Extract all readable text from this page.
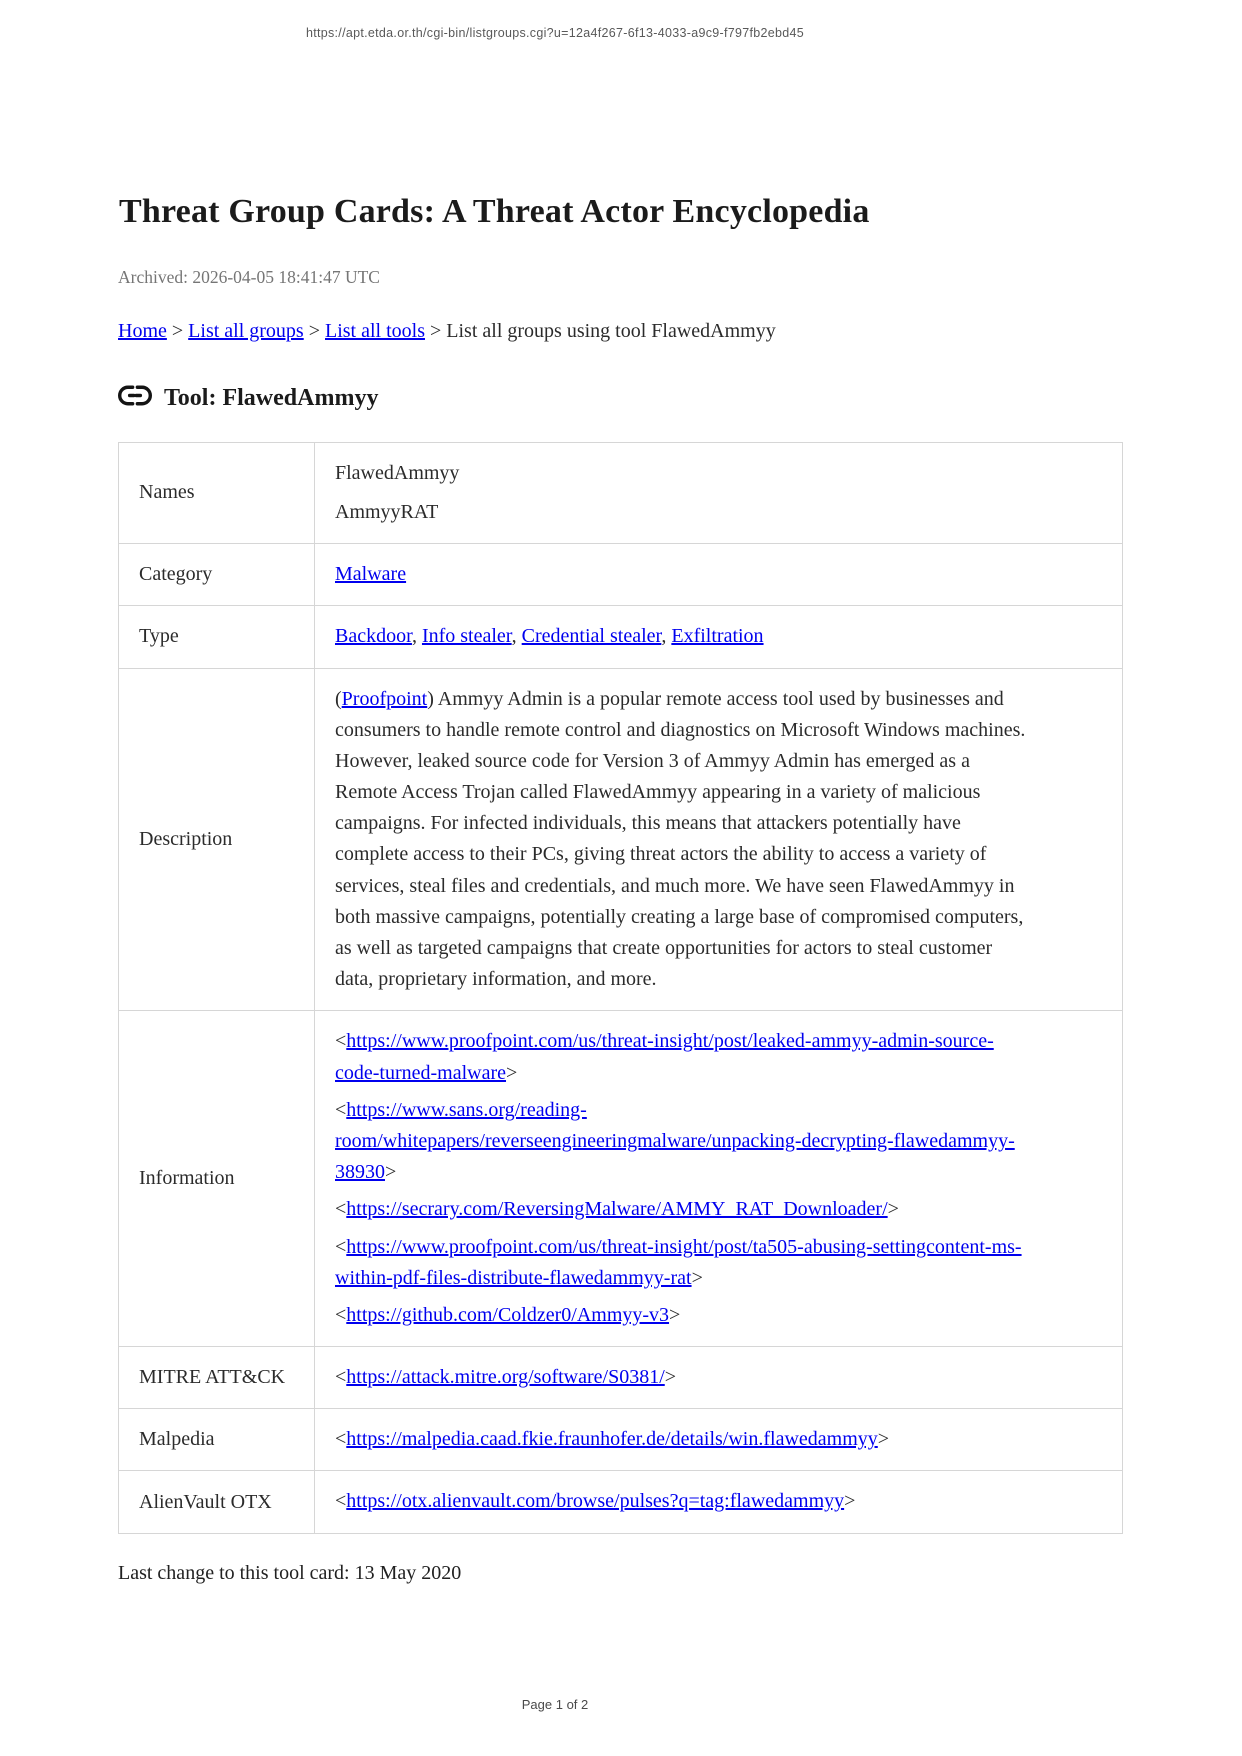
https://apt.etda.or.th/cgi-bin/listgroups.cgi?u=12a4f267-6f13-4033-a9c9-f797fb2ebd45
Threat Group Cards: A Threat Actor Encyclopedia
Archived: 2026-04-05 18:41:47 UTC
Home > List all groups > List all tools > List all groups using tool FlawedAmmyy
Tool: FlawedAmmyy
Names	FlawedAmmyy
AmmyyRAT

Category	Malware

Type	Backdoor, Info stealer, Credential stealer, Exfiltration

Description	(Proofpoint) Ammyy Admin is a popular remote access tool used by businesses and consumers to handle remote control and diagnostics on Microsoft Windows machines. However, leaked source code for Version 3 of Ammyy Admin has emerged as a Remote Access Trojan called FlawedAmmyy appearing in a variety of malicious campaigns. For infected individuals, this means that attackers potentially have complete access to their PCs, giving threat actors the ability to access a variety of services, steal files and credentials, and much more. We have seen FlawedAmmyy in both massive campaigns, potentially creating a large base of compromised computers, as well as targeted campaigns that create opportunities for actors to steal customer data, proprietary information, and more.

Information	<https://www.proofpoint.com/us/threat-insight/post/leaked-ammyy-admin-source-code-turned-malware>
<https://www.sans.org/reading-room/whitepapers/reverseengineeringmalware/unpacking-decrypting-flawedammyy-38930>
<https://secrary.com/ReversingMalware/AMMY_RAT_Downloader/>
<https://www.proofpoint.com/us/threat-insight/post/ta505-abusing-settingcontent-ms-within-pdf-files-distribute-flawedammyy-rat>
<https://github.com/Coldzer0/Ammyy-v3>

MITRE ATT&CK	<https://attack.mitre.org/software/S0381/>

Malpedia	<https://malpedia.caad.fkie.fraunhofer.de/details/win.flawedammyy>

AlienVault OTX	<https://otx.alienvault.com/browse/pulses?q=tag:flawedammyy>
Last change to this tool card: 13 May 2020
Page 1 of 2
